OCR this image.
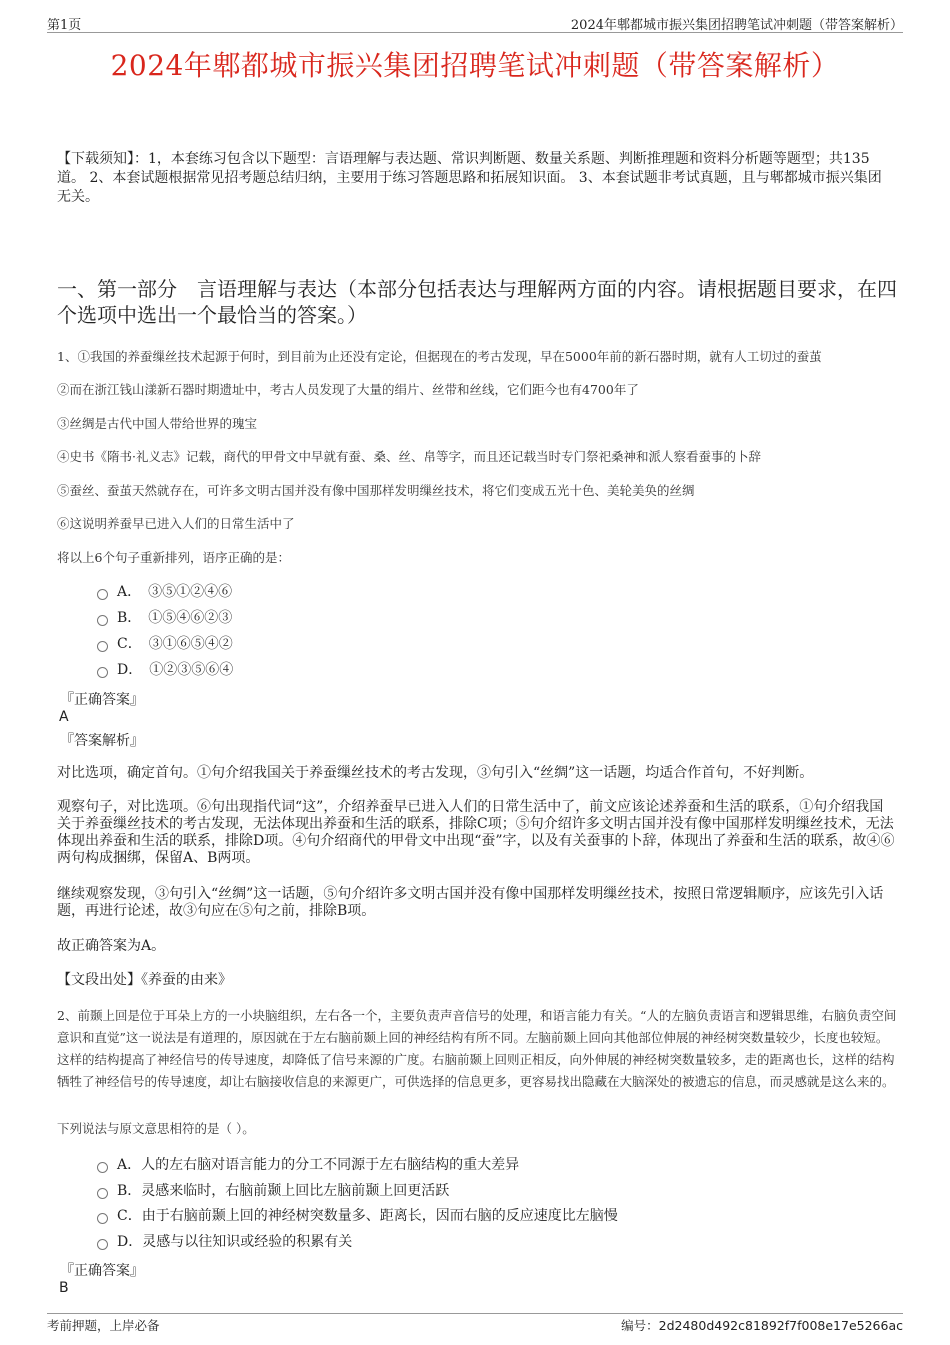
第1页	2024年郫都城市振兴集团招聘笔试冲刺题（带答案解析）
2024年郫都城市振兴集团招聘笔试冲刺题（带答案解析）
【下载须知】：1，本套练习包含以下题型：言语理解与表达题、常识判断题、数量关系题、判断推理题和资料分析题等题型；共135道。 2、本套试题根据常见招考题总结归纳，主要用于练习答题思路和拓展知识面。 3、本套试题非考试真题，且与郫都城市振兴集团无关。
一、第一部分　言语理解与表达（本部分包括表达与理解两方面的内容。请根据题目要求，在四个选项中选出一个最恰当的答案。）
1、①我国的养蚕缫丝技术起源于何时，到目前为止还没有定论，但据现在的考古发现，早在5000年前的新石器时期，就有人工切过的蚕茧
②而在浙江钱山漾新石器时期遗址中，考古人员发现了大量的绢片、丝带和丝线，它们距今也有4700年了
③丝绸是古代中国人带给世界的瑰宝
④史书《隋书·礼义志》记载，商代的甲骨文中早就有蚕、桑、丝、帛等字，而且还记载当时专门祭祀桑神和派人察看蚕事的卜辞
⑤蚕丝、蚕茧天然就存在，可许多文明古国并没有像中国那样发明缫丝技术，将它们变成五光十色、美轮美奂的丝绸
⑥这说明养蚕早已进入人们的日常生活中了
将以上6个句子重新排列，语序正确的是：
A．　③⑤①②④⑥
B．　①⑤④⑥②③
C．　③①⑥⑤④②
D．　①②③⑤⑥④
『正确答案』
A
『答案解析』
对比选项，确定首句。①句介绍我国关于养蚕缫丝技术的考古发现，③句引入“丝绸”这一话题，均适合作首句，不好判断。
观察句子，对比选项。⑥句出现指代词“这”，介绍养蚕早已进入人们的日常生活中了，前文应该论述养蚕和生活的联系，①句介绍我国关于养蚕缫丝技术的考古发现，无法体现出养蚕和生活的联系，排除C项；⑤句介绍许多文明古国并没有像中国那样发明缫丝技术，无法体现出养蚕和生活的联系，排除D项。④句介绍商代的甲骨文中出现“蚕”字，以及有关蚕事的卜辞，体现出了养蚕和生活的联系，故④⑥两句构成捆绑，保留A、B两项。
继续观察发现，③句引入“丝绸”这一话题，⑤句介绍许多文明古国并没有像中国那样发明缫丝技术，按照日常逻辑顺序，应该先引入话题，再进行论述，故③句应在⑤句之前，排除B项。
故正确答案为A。
【文段出处】《养蚕的由来》
2、前颞上回是位于耳朵上方的一小块脑组织，左右各一个，主要负责声音信号的处理，和语言能力有关。“人的左脑负责语言和逻辑思维，右脑负责空间意识和直觉”这一说法是有道理的，原因就在于左右脑前颞上回的神经结构有所不同。左脑前颞上回向其他部位伸展的神经树突数量较少，长度也较短。这样的结构提高了神经信号的传导速度，却降低了信号来源的广度。右脑前颞上回则正相反，向外伸展的神经树突数量较多，走的距离也长，这样的结构牺牲了神经信号的传导速度，却让右脑接收信息的来源更广，可供选择的信息更多，更容易找出隐藏在大脑深处的被遗忘的信息，而灵感就是这么来的。
下列说法与原文意思相符的是（ ）。
A．人的左右脑对语言能力的分工不同源于左右脑结构的重大差异
B．灵感来临时，右脑前颞上回比左脑前颞上回更活跃
C．由于右脑前颞上回的神经树突数量多、距离长，因而右脑的反应速度比左脑慢
D．灵感与以往知识或经验的积累有关
『正确答案』
B
考前押题，上岸必备	编号：2d2480d492c81892f7f008e17e5266ac
